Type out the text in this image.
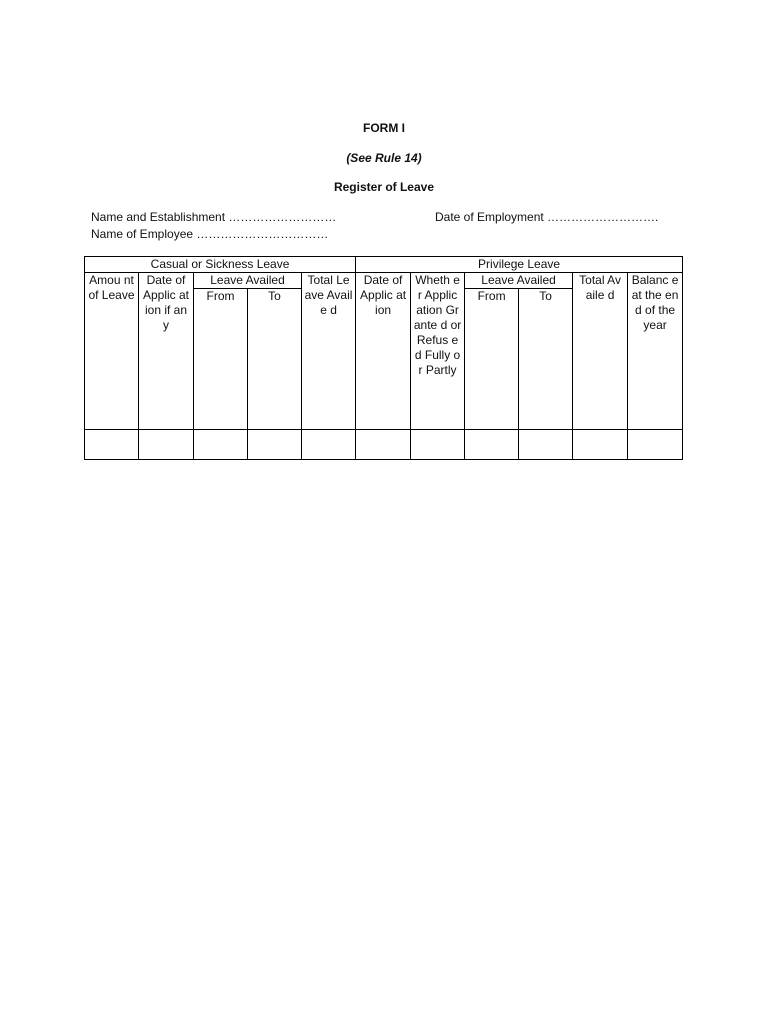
FORM I
(See Rule 14)
Register of Leave
Name and Establishment ………………………
Name of Employee ……………………………
Date of Employment ……………………….
Casual or Sickness Leave					Privilege Leave					

Amou nt of Leave	Date of Applic ation if any	Leave Availed		Total Leave Availe d	Date of Applic ation	Wheth er Applic ation Grante d or Refus ed Fully or Partly	Leave Availed		Total Availe d	Balanc e at the end of the year

		From	To				From	To		
